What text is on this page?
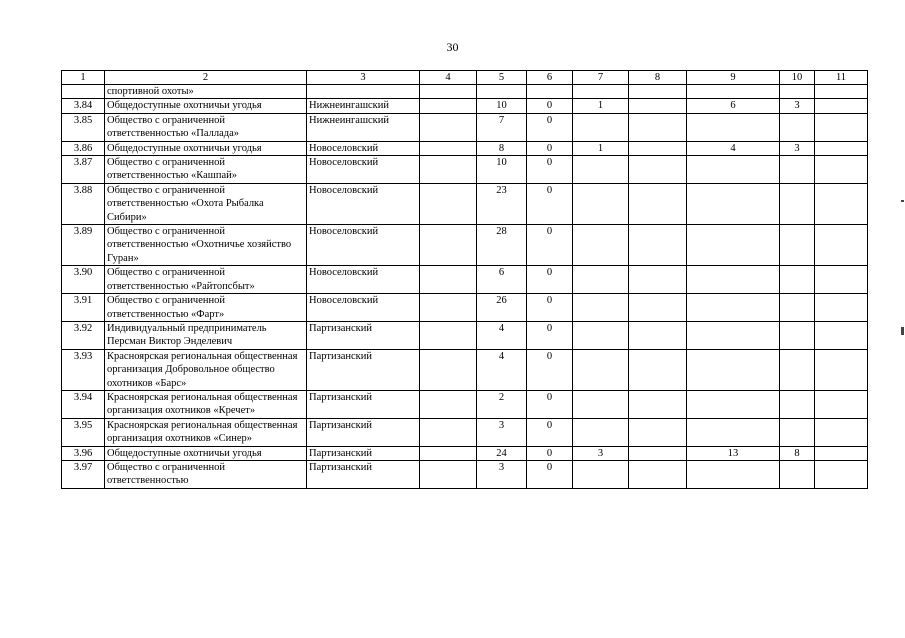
30
1	2	3	4	5	6	7	8	9	10	11
	спортивной охоты»									
3.84	Общедоступные охотничьи угодья	Нижнеингашский		10	0	1		6	3	
3.85	Общество с ограниченной ответственностью «Паллада»	Нижнеингашский		7	0					
3.86	Общедоступные охотничьи угодья	Новоселовский		8	0	1		4	3	
3.87	Общество с ограниченной ответственностью «Кашпай»	Новоселовский		10	0					
3.88	Общество с ограниченной ответственностью «Охота Рыбалка Сибири»	Новоселовский		23	0					
3.89	Общество с ограниченной ответственностью «Охотничье хозяйство Гуран»	Новоселовский		28	0					
3.90	Общество с ограниченной ответственностью «Райтопсбыт»	Новоселовский		6	0					
3.91	Общество с ограниченной ответственностью «Фарт»	Новоселовский		26	0					
3.92	Индивидуальный предприниматель Персман Виктор Энделевич	Партизанский		4	0					
3.93	Красноярская региональная общественная организация Добровольное общество охотников «Барс»	Партизанский		4	0					
3.94	Красноярская региональная общественная организация охотников «Кречет»	Партизанский		2	0					
3.95	Красноярская региональная общественная организация охотников «Синер»	Партизанский		3	0					
3.96	Общедоступные охотничьи угодья	Партизанский		24	0	3		13	8	
3.97	Общество с ограниченной ответственностью	Партизанский		3	0					
